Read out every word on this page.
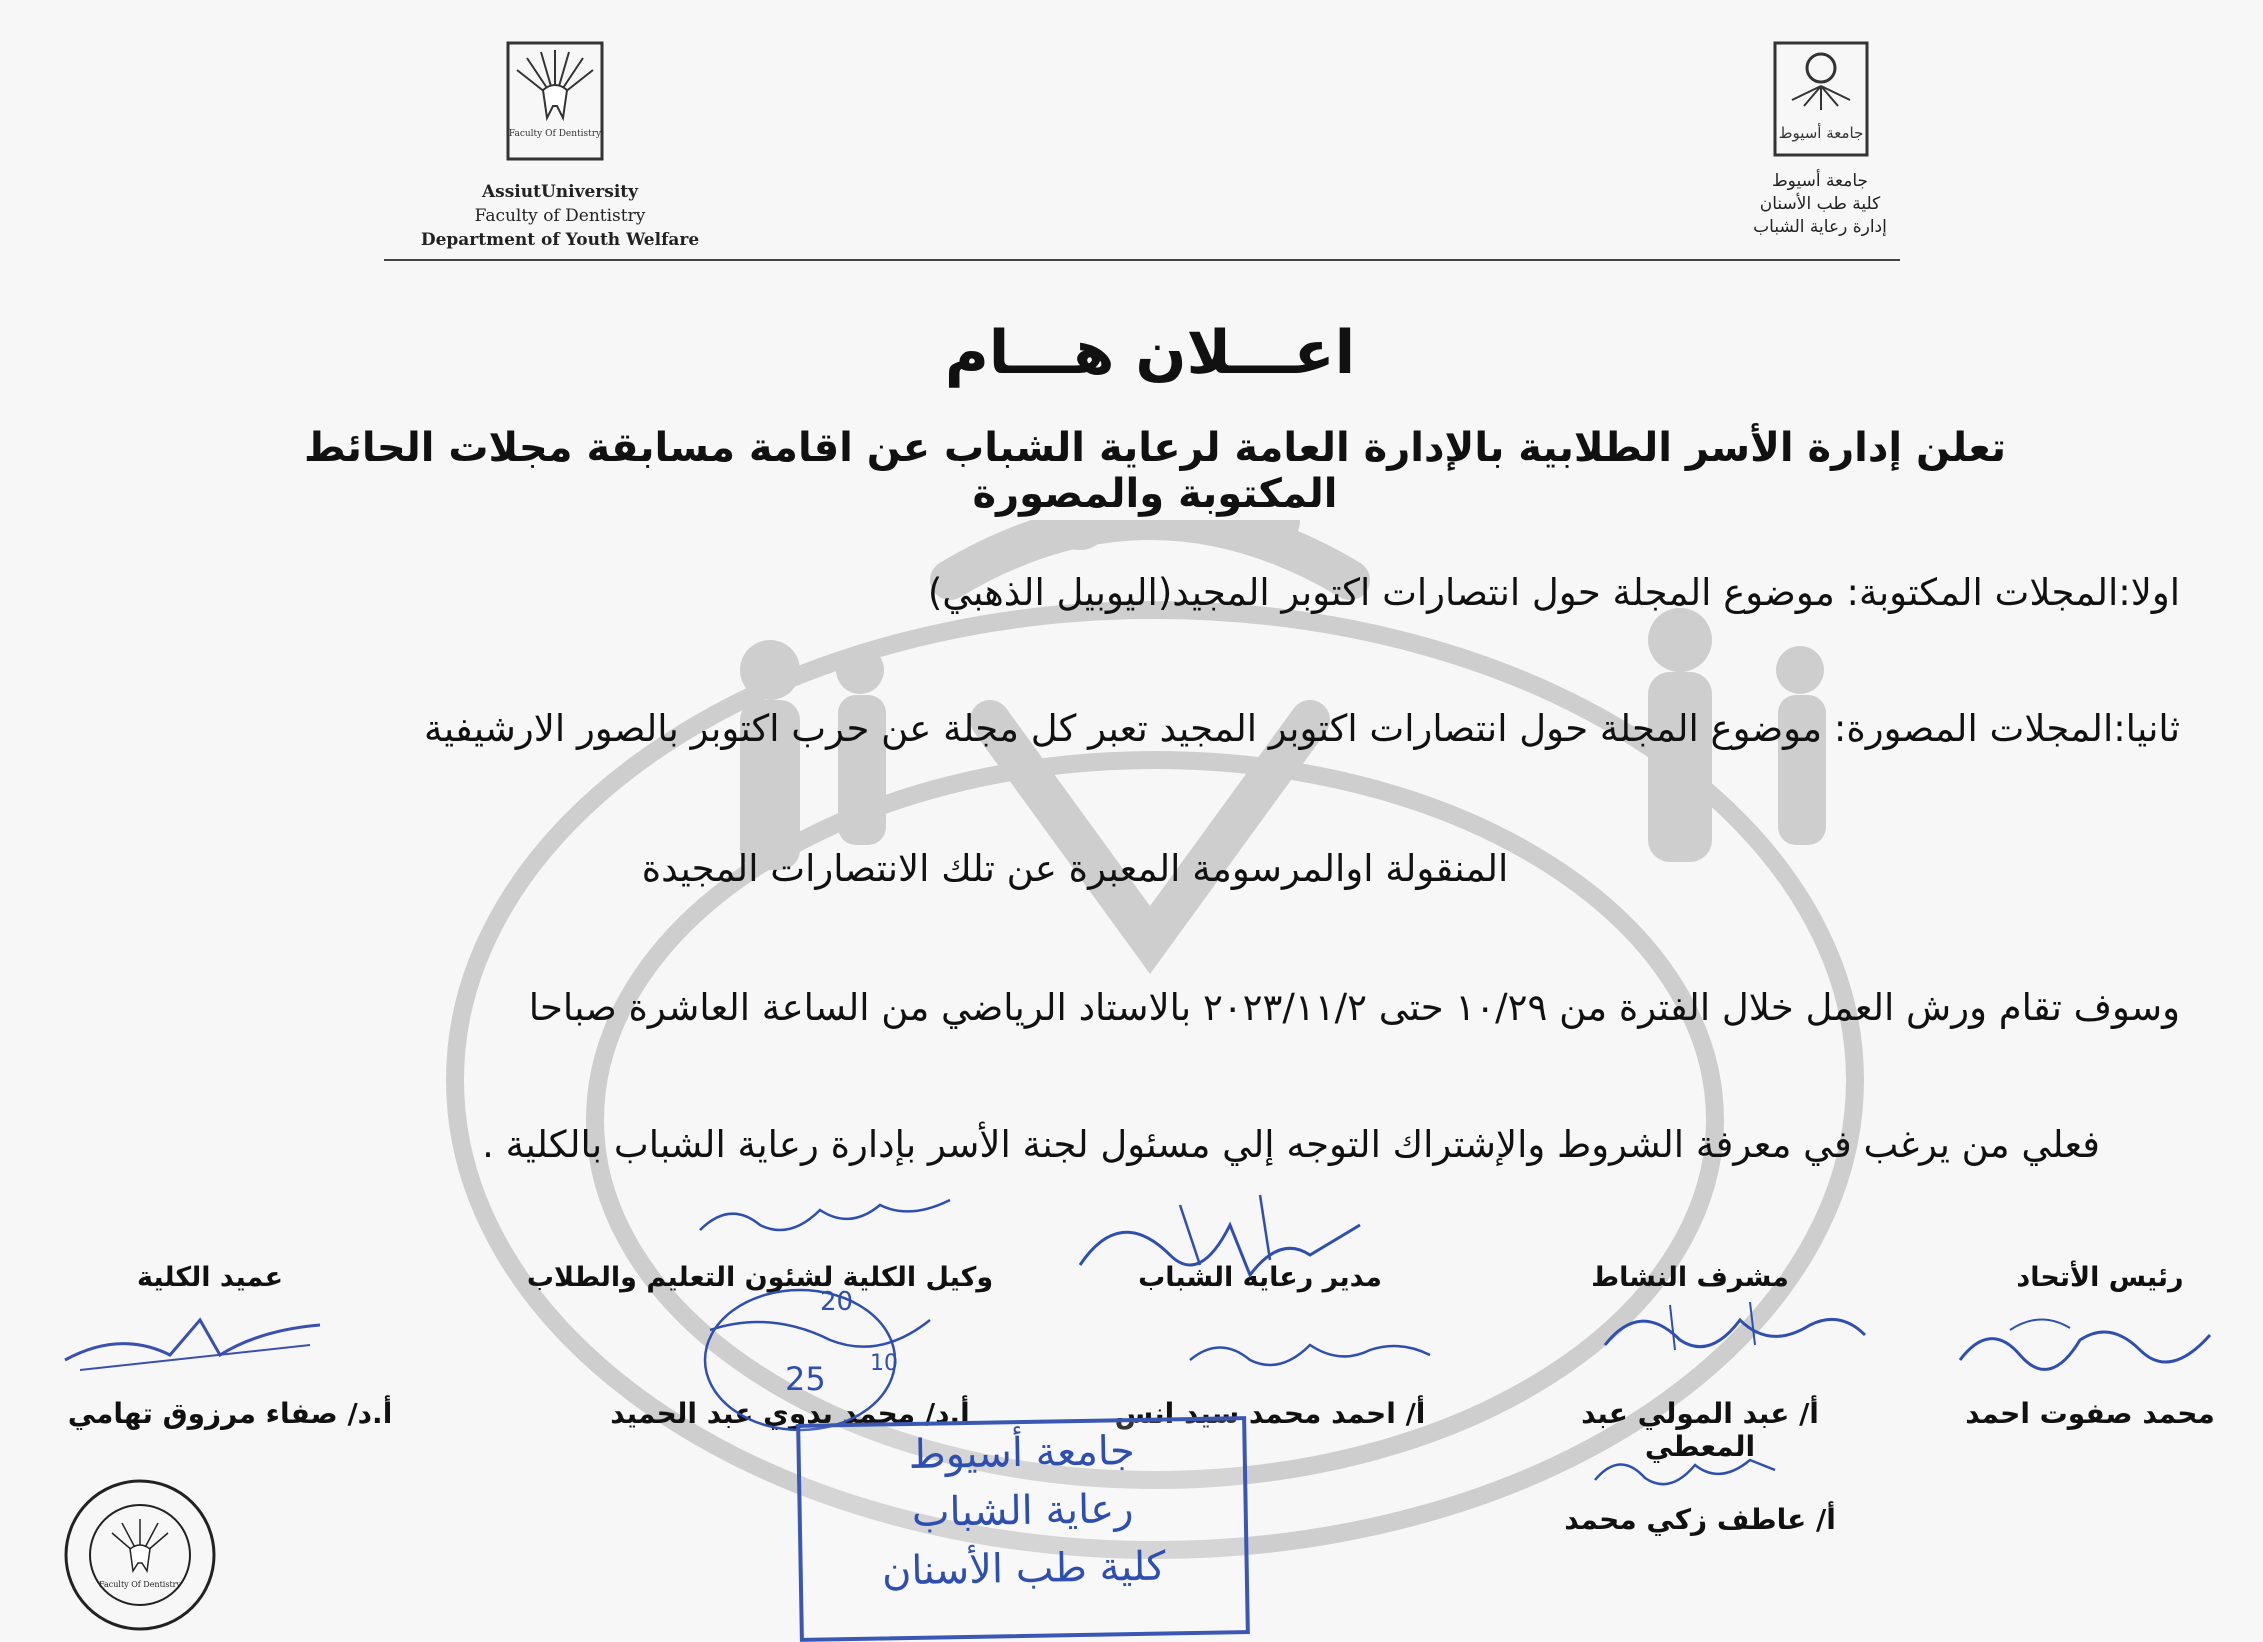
Faculty Of Dentistry
AssiutUniversity
Faculty of Dentistry
Department of Youth Welfare
جامعة أسيوط
جامعة أسيوط
كلية طب الأسنان
إدارة رعاية الشباب
اعـــلان هـــام
تعلن إدارة الأسر الطلابية بالإدارة العامة لرعاية الشباب عن اقامة مسابقة مجلات الحائط المكتوبة والمصورة
اولا:المجلات المكتوبة: موضوع المجلة حول انتصارات اكتوبر المجيد(اليوبيل الذهبي)
ثانيا:المجلات المصورة: موضوع المجلة حول انتصارات اكتوبر المجيد تعبر كل مجلة عن حرب اكتوبر بالصور الارشيفية
المنقولة اوالمرسومة المعبرة عن تلك الانتصارات المجيدة
وسوف تقام ورش العمل خلال الفترة من ١٠/٢٩ حتى ٢٠٢٣/١١/٢ بالاستاد الرياضي من الساعة العاشرة صباحا
فعلي من يرغب في معرفة الشروط والإشتراك التوجه إلي مسئول لجنة الأسر بإدارة رعاية الشباب بالكلية .
رئيس الأتحاد
مشرف النشاط
مدير رعاية الشباب
وكيل الكلية لشئون التعليم والطلاب
عميد الكلية
محمد صفوت احمد
أ/ عبد المولي عبد المعطي
أ/ عاطف زكي محمد
أ/ احمد محمد سيد انس
أ.د/ محمد بدوي عبد الحميد
أ.د/ صفاء مرزوق تهامي
20
25 10
جامعة أسيوط
رعاية الشباب
كلية طب الأسنان
Faculty Of Dentistry
